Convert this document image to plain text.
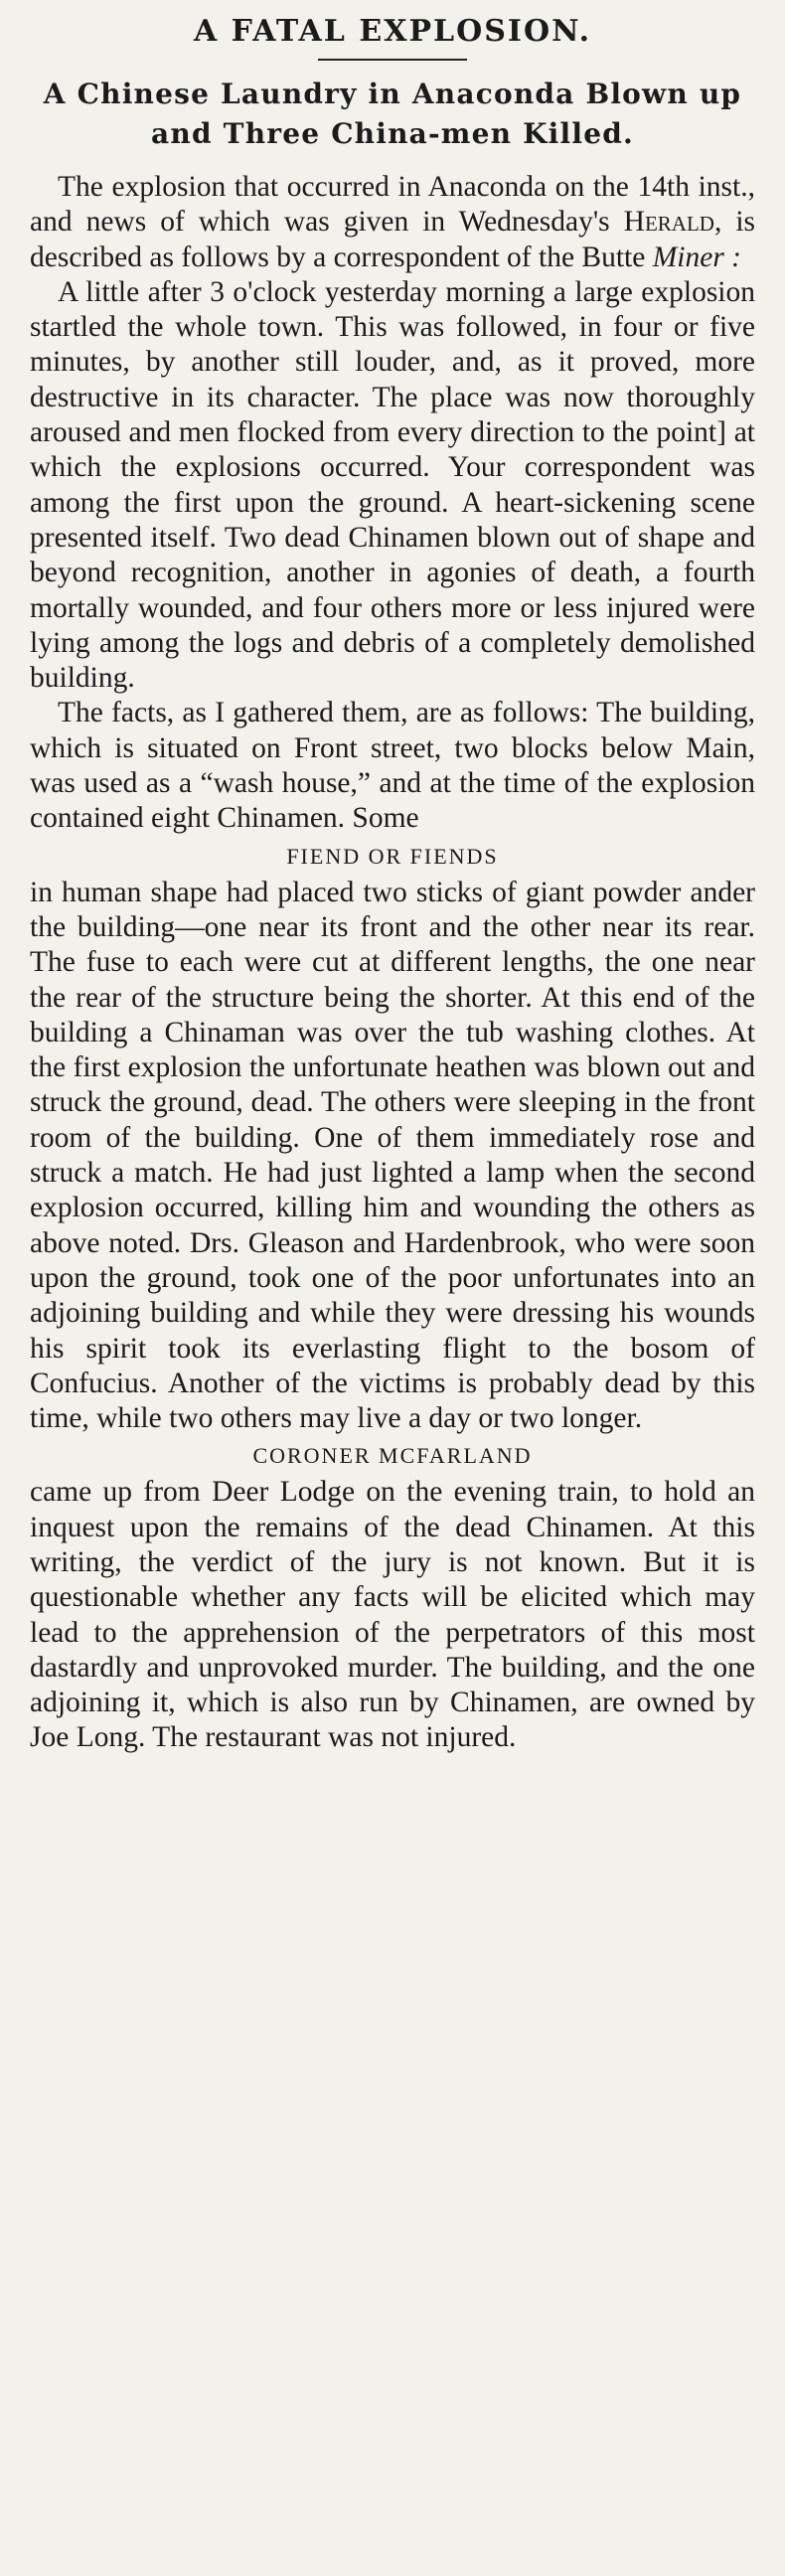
A FATAL EXPLOSION.
A Chinese Laundry in Anaconda Blown up and Three China-men Killed.

The explosion that occurred in Anaconda on the 14th inst., and news of which was given in Wednesday's Herald, is described as follows by a correspondent of the Butte Miner :

A little after 3 o'clock yesterday morning a large explosion startled the whole town. This was followed, in four or five minutes, by another still louder, and, as it proved, more destructive in its character. The place was now thoroughly aroused and men flocked from every direction to the point] at which the explosions occurred. Your correspondent was among the first upon the ground. A heart-sickening scene presented itself. Two dead Chinamen blown out of shape and beyond recognition, another in agonies of death, a fourth mortally wounded, and four others more or less injured were lying among the logs and debris of a completely demolished building.

The facts, as I gathered them, are as follows: The building, which is situated on Front street, two blocks below Main, was used as a “wash house,” and at the time of the explosion contained eight Chinamen. Some

FIEND OR FIENDS

in human shape had placed two sticks of giant powder ander the building—one near its front and the other near its rear. The fuse to each were cut at different lengths, the one near the rear of the structure being the shorter. At this end of the building a Chinaman was over the tub washing clothes. At the first explosion the unfortunate heathen was blown out and struck the ground, dead. The others were sleeping in the front room of the building. One of them immediately rose and struck a match. He had just lighted a lamp when the second explosion occurred, killing him and wounding the others as above noted. Drs. Gleason and Hardenbrook, who were soon upon the ground, took one of the poor unfortunates into an adjoining building and while they were dressing his wounds his spirit took its everlasting flight to the bosom of Confucius. Another of the victims is probably dead by this time, while two others may live a day or two longer.

CORONER MCFARLAND

came up from Deer Lodge on the evening train, to hold an inquest upon the remains of the dead Chinamen. At this writing, the verdict of the jury is not known. But it is questionable whether any facts will be elicited which may lead to the apprehension of the perpetrators of this most dastardly and unprovoked murder. The building, and the one adjoining it, which is also run by Chinamen, are owned by Joe Long. The restaurant was not injured.
